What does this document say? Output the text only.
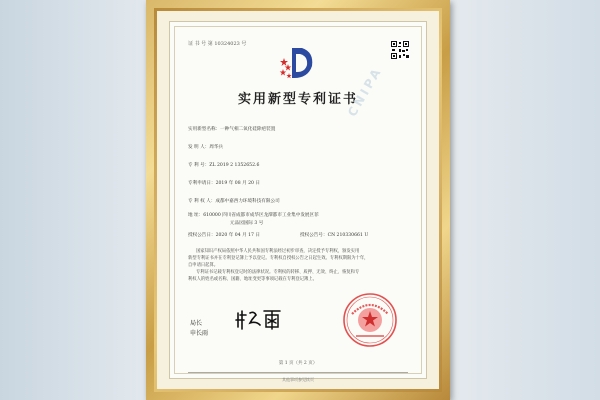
证 书 号 第 10324023 号
实用新型专利证书
CNIPA
实用新型名称：一种气相二氧化硅除疤装置
发 明 人：周华兵
专 利 号：ZL 2019 2 1352652.6
专利申请日：2019 年 08 月 20 日
专 利 权 人：成都中嘉西力环境科技有限公司
地 址：610000 四川省成都市成华区龙潭都市工业集中发展区菲
元品园国际 3 号
授权公告日：2020 年 04 月 17 日	授权公告号：CN 210330661 U
国家知识产权局依照中华人民共和国专利法经过初步审查，决定授予专利权，颁发实用
新型专利证书并在专利登记簿上予以登记。专利权自授权公告之日起生效。专利权期限为十年，
自申请日起算。
专利证书记载专利权登记时的法律状况。专利权的转移、质押、无效、终止、恢复和专
利权人的姓名或名称、国籍、地址变更等事项记载在专利登记簿上。
局长
申长雨
第 1 页（共 2 页）
其他事项参见续页
